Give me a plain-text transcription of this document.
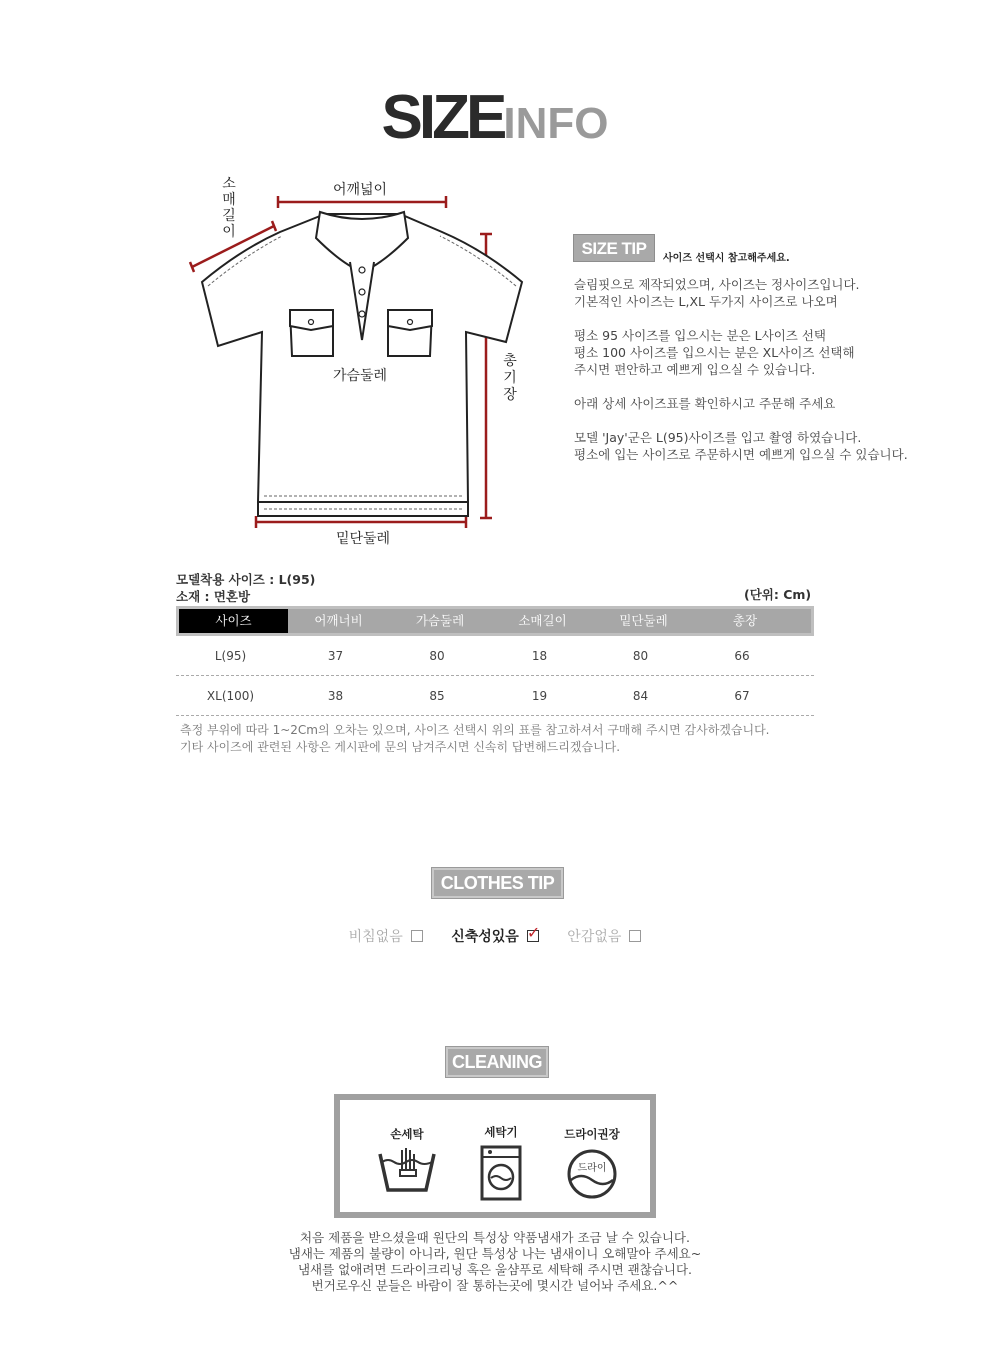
SIZEINFO
어깨넓이
소
매
길
이
가슴둘레
총
기
장
밑단둘레
SIZE TIP
사이즈 선택시 참고해주세요.
슬림핏으로 제작되었으며, 사이즈는 정사이즈입니다.
기본적인 사이즈는 L,XL 두가지 사이즈로 나오며
평소 95 사이즈를 입으시는 분은 L사이즈 선택
평소 100 사이즈를 입으시는 분은 XL사이즈 선택해
주시면 편안하고 예쁘게 입으실 수 있습니다.
아래 상세 사이즈표를 확인하시고 주문해 주세요
모델 'Jay'군은 L(95)사이즈를 입고 촬영 하였습니다.
평소에 입는 사이즈로 주문하시면 예쁘게 입으실 수 있습니다.
모델착용 사이즈 : L(95)
소재 : 면혼방	(단위: Cm)
사이즈	어깨너비	가슴둘레	소매길이	밑단둘레	총장
L(95)	37	80	18	80	66
XL(100)	38	85	19	84	67
측정 부위에 따라 1~2Cm의 오차는 있으며, 사이즈 선택시 위의 표를 참고하셔서 구매해 주시면 감사하겠습니다.
기타 사이즈에 관련된 사항은 게시판에 문의 남겨주시면 신속히 답변해드리겠습니다.
CLOTHES TIP
비침없음	신축성있음 ✓ 안감없음
CLEANING
손세탁	세탁기	드라이권장
드라이
처음 제품을 받으셨을때 원단의 특성상 약품냄새가 조금 날 수 있습니다.
냄새는 제품의 불량이 아니라, 원단 특성상 나는 냄새이니 오해말아 주세요~
냄새를 없애려면 드라이크리닝 혹은 울샴푸로 세탁해 주시면 괜찮습니다.
번거로우신 분들은 바람이 잘 통하는곳에 몇시간 널어놔 주세요.^^
